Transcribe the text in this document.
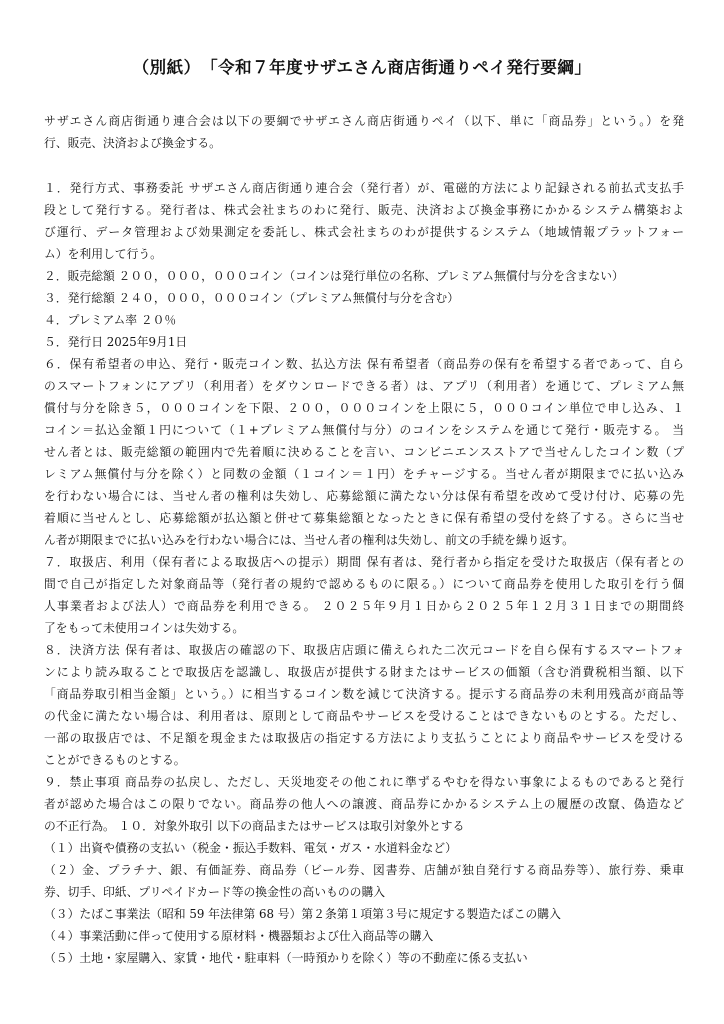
（別紙）　「令和７年度サザエさん商店街通りペイ発行要綱」
サザエさん商店街通り連合会は以下の要綱でサザエさん商店街通りペイ（以下、単に「商品券」という。）を発
行、販売、決済および換金する。
１．発行方式、事務委託 サザエさん商店街通り連合会（発行者）が、電磁的方法により記録される前払式支払手
段として発行する。発行者は、株式会社まちのわに発行、販売、決済および換金事務にかかるシステム構築およ
び運行、データ管理および効果測定を委託し、株式会社まちのわが提供するシステム（地域情報プラットフォー
ム）を利用して行う。
２．販売総額 ２００，０００，０００コイン（コインは発行単位の名称、プレミアム無償付与分を含まない）
３．発行総額 ２４０，０００，０００コイン（プレミアム無償付与分を含む）
４．プレミアム率 ２０％
５．発行日 2025年9月1日
６．保有希望者の申込、発行・販売コイン数、払込方法 保有希望者（商品券の保有を希望する者であって、自ら
のスマートフォンにアプリ（利用者）をダウンロードできる者）は、アプリ（利用者）を通じて、プレミアム無
償付与分を除き５，０００コインを下限、２００，０００コインを上限に５，０００コイン単位で申し込み、１
コイン＝払込金額１円について（１+プレミアム無償付与分）のコインをシステムを通じて発行・販売する。 当
せん者とは、販売総額の範囲内で先着順に決めることを言い、コンビニエンスストアで当せんしたコイン数（プ
レミアム無償付与分を除く）と同数の金額（１コイン＝１円）をチャージする。当せん者が期限までに払い込み
を行わない場合には、当せん者の権利は失効し、応募総額に満たない分は保有希望を改めて受け付け、応募の先
着順に当せんとし、応募総額が払込額と併せて募集総額となったときに保有希望の受付を終了する。さらに当せ
ん者が期限までに払い込みを行わない場合には、当せん者の権利は失効し、前文の手続を繰り返す。
７．取扱店、利用（保有者による取扱店への提示）期間 保有者は、発行者から指定を受けた取扱店（保有者との
間で自己が指定した対象商品等（発行者の規約で認めるものに限る。）について商品券を使用した取引を行う個
人事業者および法人）で商品券を利用できる。 ２０２５年９月１日から２０２５年１２月３１日までの期間終
了をもって未使用コインは失効する。
８．決済方法 保有者は、取扱店の確認の下、取扱店店頭に備えられた二次元コードを自ら保有するスマートフォ
ンにより読み取ることで取扱店を認識し、取扱店が提供する財またはサービスの価額（含む消費税相当額、以下
「商品券取引相当金額」という。）に相当するコイン数を減じて決済する。提示する商品券の未利用残高が商品等
の代金に満たない場合は、利用者は、原則として商品やサービスを受けることはできないものとする。ただし、
一部の取扱店では、不足額を現金または取扱店の指定する方法により支払うことにより商品やサービスを受ける
ことができるものとする。
９．禁止事項 商品券の払戻し、ただし、天災地変その他これに準ずるやむを得ない事象によるものであると発行
者が認めた場合はこの限りでない。商品券の他人への譲渡、商品券にかかるシステム上の履歴の改竄、偽造など
の不正行為。 １０．対象外取引 以下の商品またはサービスは取引対象外とする
（１）出資や債務の支払い（税金・振込手数料、電気・ガス・水道料金など）
（２）金、プラチナ、銀、有価証券、商品券（ビール券、図書券、店舗が独自発行する商品券等）、旅行券、乗車
券、切手、印紙、プリペイドカード等の換金性の高いものの購入
（３）たばこ事業法（昭和 59 年法律第 68 号）第２条第１項第３号に規定する製造たばこの購入
（４）事業活動に伴って使用する原材料・機器類および仕入商品等の購入
（５）土地・家屋購入、家賃・地代・駐車料（一時預かりを除く）等の不動産に係る支払い
